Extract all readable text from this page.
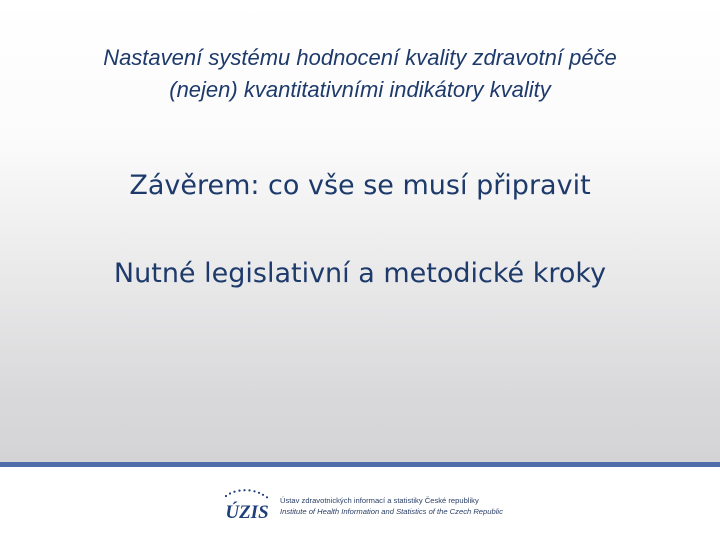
Nastavení systému hodnocení kvality zdravotní péče
(nejen) kvantitativními indikátory kvality
Závěrem: co vše se musí připravit
Nutné legislativní a metodické kroky
ÚZIS
Ústav zdravotnických informací a statistiky České republiky
Institute of Health Information and Statistics of the Czech Republic
